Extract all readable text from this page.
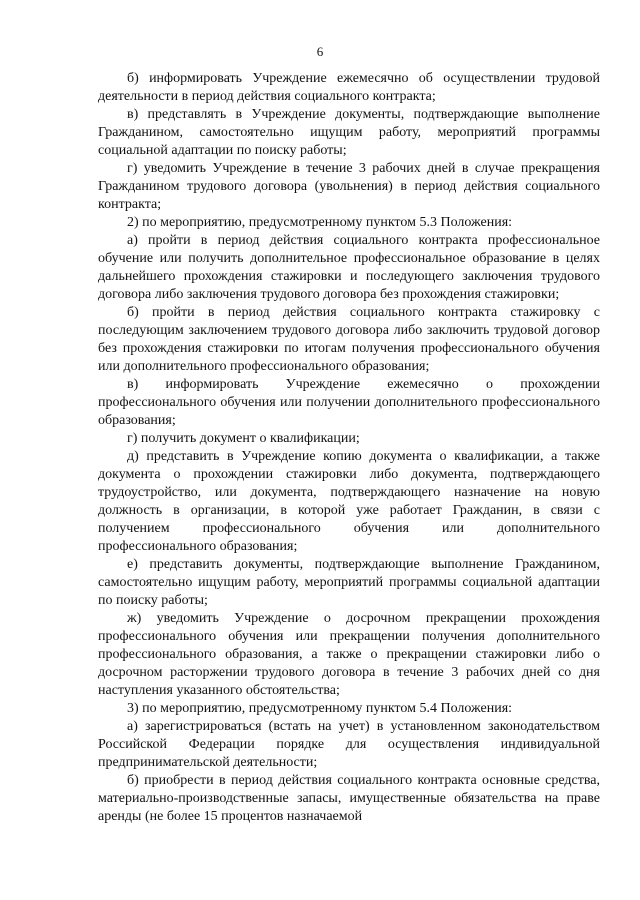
6

б) информировать Учреждение ежемесячно об осуществлении трудовой деятельности в период действия социального контракта;

в) представлять в Учреждение документы, подтверждающие выполнение Гражданином, самостоятельно ищущим работу, мероприятий программы социальной адаптации по поиску работы;

г) уведомить Учреждение в течение 3 рабочих дней в случае прекращения Гражданином трудового договора (увольнения) в период действия социального контракта;

2) по мероприятию, предусмотренному пунктом 5.3 Положения:

а) пройти в период действия социального контракта профессиональное обучение или получить дополнительное профессиональное образование в целях дальнейшего прохождения стажировки и последующего заключения трудового договора либо заключения трудового договора без прохождения стажировки;

б) пройти в период действия социального контракта стажировку с последующим заключением трудового договора либо заключить трудовой договор без прохождения стажировки по итогам получения профессионального обучения или дополнительного профессионального образования;

в) информировать Учреждение ежемесячно о прохождении профессионального обучения или получении дополнительного профессионального образования;

г) получить документ о квалификации;

д) представить в Учреждение копию документа о квалификации, а также документа о прохождении стажировки либо документа, подтверждающего трудоустройство, или документа, подтверждающего назначение на новую должность в организации, в которой уже работает Гражданин, в связи с получением профессионального обучения или дополнительного профессионального образования;

е) представить документы, подтверждающие выполнение Гражданином, самостоятельно ищущим работу, мероприятий программы социальной адаптации по поиску работы;

ж) уведомить Учреждение о досрочном прекращении прохождения профессионального обучения или прекращении получения дополнительного профессионального образования, а также о прекращении стажировки либо о досрочном расторжении трудового договора в течение 3 рабочих дней со дня наступления указанного обстоятельства;

3) по мероприятию, предусмотренному пунктом 5.4 Положения:

а) зарегистрироваться (встать на учет) в установленном законодательством Российской Федерации порядке для осуществления индивидуальной предпринимательской деятельности;

б) приобрести в период действия социального контракта основные средства, материально-производственные запасы, имущественные обязательства на праве аренды (не более 15 процентов назначаемой
